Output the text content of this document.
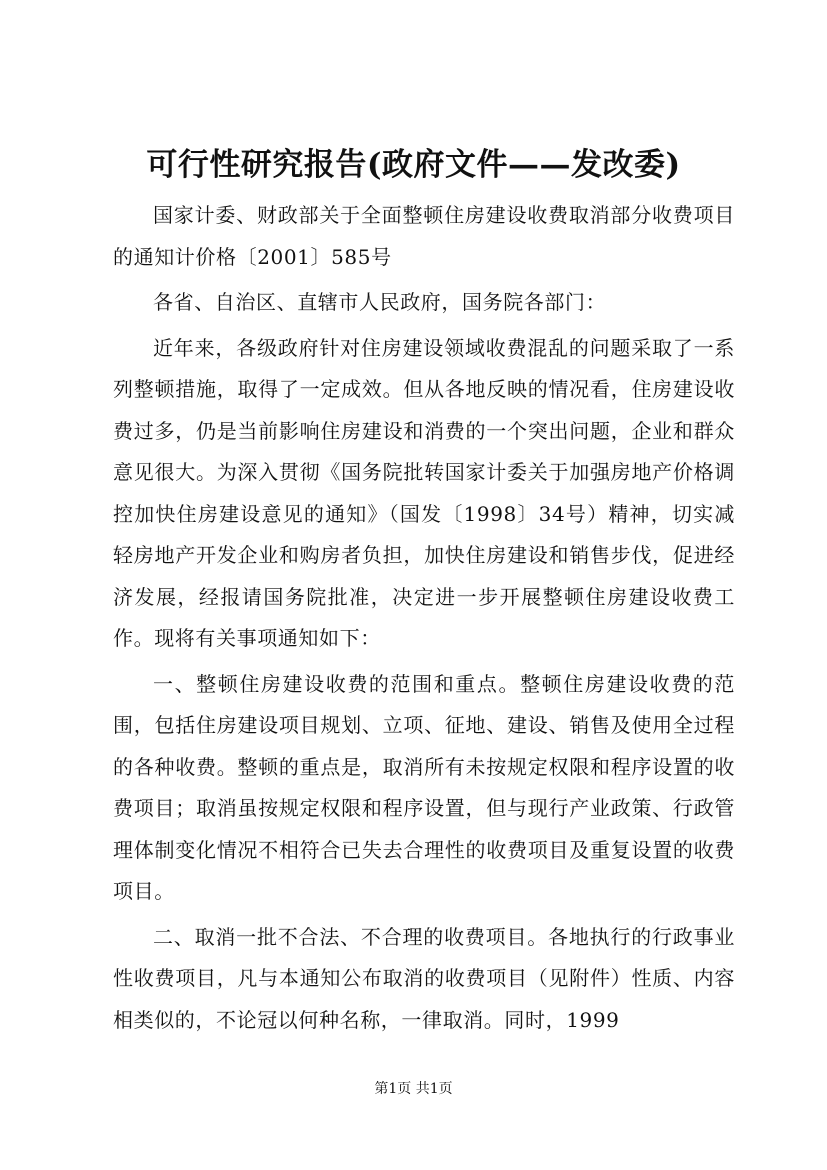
可行性研究报告(政府文件——发改委)

国家计委、财政部关于全面整顿住房建设收费取消部分收费项目的通知计价格〔2001〕585号

各省、自治区、直辖市人民政府，国务院各部门：

近年来，各级政府针对住房建设领域收费混乱的问题采取了一系列整顿措施，取得了一定成效。但从各地反映的情况看，住房建设收费过多，仍是当前影响住房建设和消费的一个突出问题，企业和群众意见很大。为深入贯彻《国务院批转国家计委关于加强房地产价格调控加快住房建设意见的通知》（国发〔1998〕34号）精神，切实减轻房地产开发企业和购房者负担，加快住房建设和销售步伐，促进经济发展，经报请国务院批准，决定进一步开展整顿住房建设收费工作。现将有关事项通知如下：

一、整顿住房建设收费的范围和重点。整顿住房建设收费的范围，包括住房建设项目规划、立项、征地、建设、销售及使用全过程的各种收费。整顿的重点是，取消所有未按规定权限和程序设置的收费项目；取消虽按规定权限和程序设置，但与现行产业政策、行政管理体制变化情况不相符合已失去合理性的收费项目及重复设置的收费项目。

二、取消一批不合法、不合理的收费项目。各地执行的行政事业性收费项目，凡与本通知公布取消的收费项目（见附件）性质、内容相类似的，不论冠以何种名称，一律取消。同时，1999

第1页 共1页
